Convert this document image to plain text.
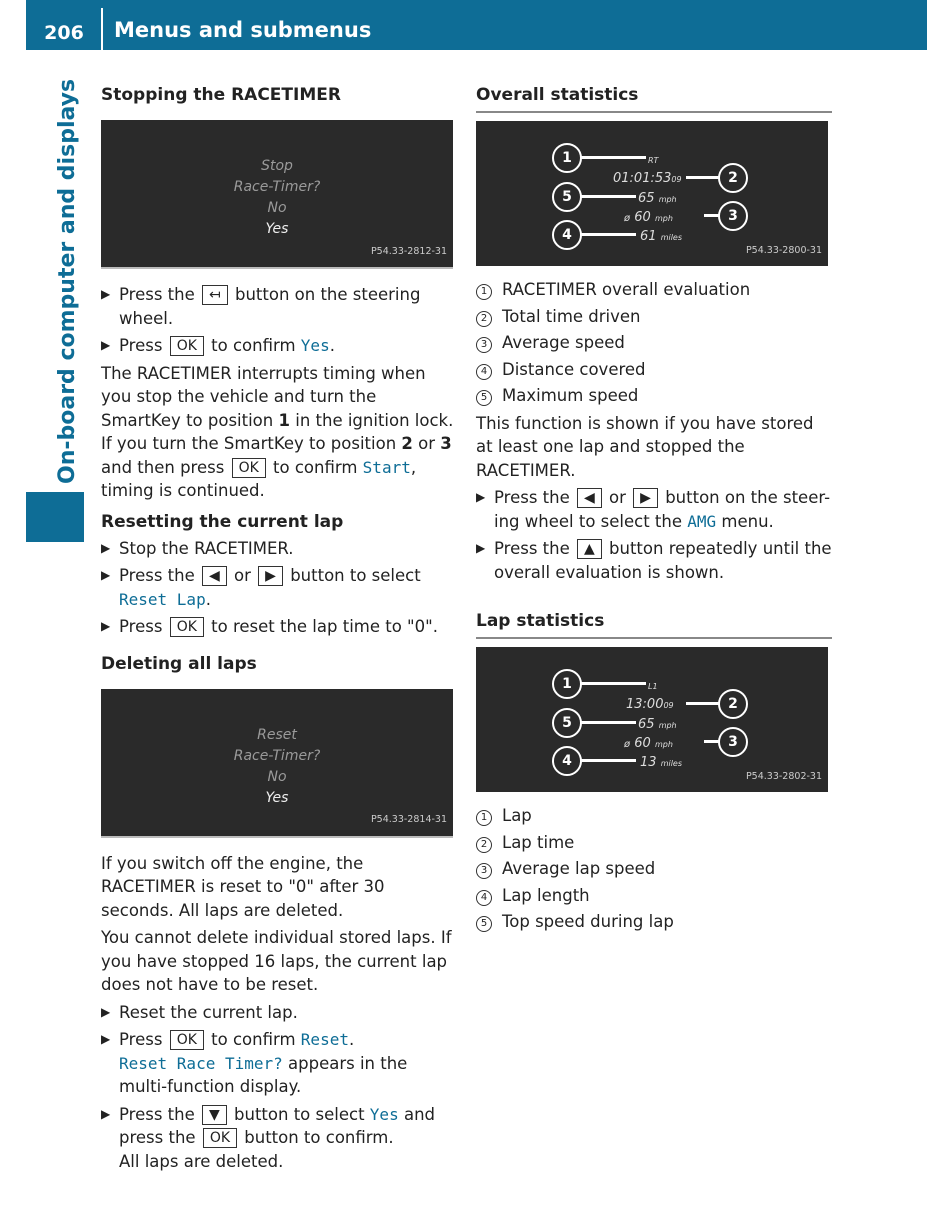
206	Menus and submenus
On-board computer and displays Stopping the RACETIMER
Stop
Race-Timer?
No
Yes
P54.33-2812-31
▶ Press the ↤ button on the steering wheel.
▶ Press OK to confirm Yes.

The RACETIMER interrupts timing when you stop the vehicle and turn the SmartKey to position 1 in the ignition lock. If you turn the SmartKey to position 2 or 3 and then press OK to confirm Start, timing is continued.

Resetting the current lap
▶ Stop the RACETIMER.
▶ Press the ◀ or ▶ button to select Reset Lap.
▶ Press OK to reset the lap time to "0".
Deleting all laps
Reset
Race-Timer?
No
Yes
P54.33-2814-31

If you switch off the engine, the RACETIMER is reset to "0" after 30 seconds. All laps are deleted.

You cannot delete individual stored laps. If you have stopped 16 laps, the current lap does not have to be reset.

▶ Reset the current lap.
▶ Press OK to confirm Reset.
Reset Race Timer? appears in the multi-function display.
▶ Press the ▼ button to select Yes and press the OK button to confirm.
All laps are deleted.
Overall statistics
1
2
3
4
5
RT
01:01:5309
65 mph
ø 60 mph
61 miles
P54.33-2800-31
1 RACETIMER overall evaluation
2 Total time driven
3 Average speed
4 Distance covered
5 Maximum speed

This function is shown if you have stored at least one lap and stopped the RACETIMER.

▶ Press the ◀ or ▶ button on the steer-ing wheel to select the AMG menu.
▶ Press the ▲ button repeatedly until the overall evaluation is shown.
Lap statistics
1
2
3
4
5
L1
13:0009
65 mph
ø 60 mph
13 miles
P54.33-2802-31
1 Lap
2 Lap time
3 Average lap speed
4 Lap length
5 Top speed during lap
